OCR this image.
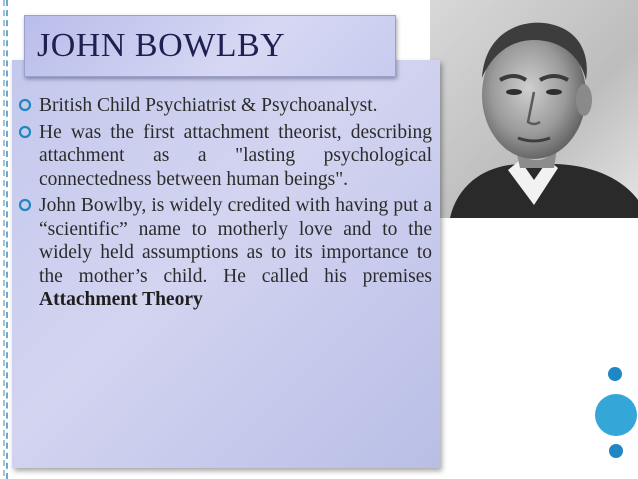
British Child Psychiatrist & Psychoanalyst.

He was the first attachment theorist, describing attachment as a "lasting psychological connectedness between human beings".

John Bowlby, is widely credited with having put a “scientific” name to motherly love and to the widely held assumptions as to its importance to the mother’s child. He called his premises Attachment Theory

JOHN BOWLBY
